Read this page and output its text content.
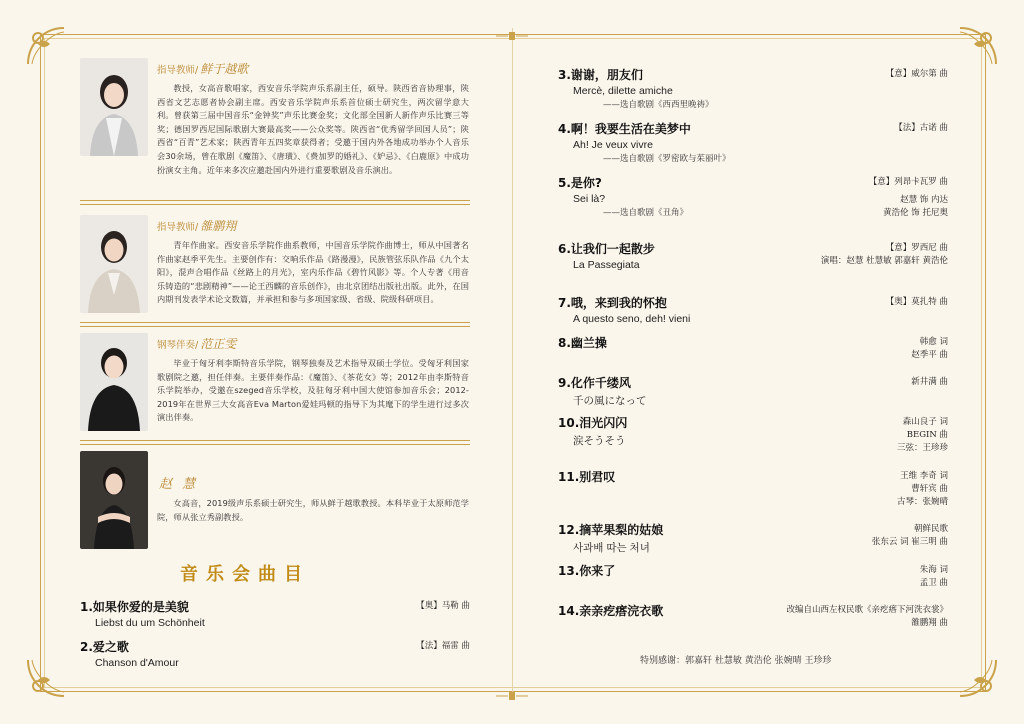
指导教师/ 鲜于越歌
教授，女高音歌唱家，西安音乐学院声乐系副主任，硕导。陕西省音协理事，陕西省文艺志愿者协会副主席。西安音乐学院声乐系首位硕士研究生，两次留学意大利。曾获第三届中国音乐“金钟奖”声乐比赛金奖；文化部全国新人新作声乐比赛三等奖；德国罗西尼国际歌剧大赛最高奖——公众奖等。陕西省“优秀留学回国人员”；陕西省“百青”艺术家；陕西青年五四奖章获得者；受邀于国内外各地成功举办个人音乐会30余场，曾在歌剧《魔笛》、《唐璜》、《费加罗的婚礼》、《妒忌》、《白鹿原》中成功扮演女主角。近年来多次应邀赴国内外进行重要歌剧及音乐演出。
指导教师/ 雒鹏翔
青年作曲家。西安音乐学院作曲系教师，中国音乐学院作曲博士，师从中国著名作曲家赵季平先生。主要创作有：交响乐作品《路漫漫》，民族管弦乐队作品《九个太阳》，混声合唱作品《丝路上的月光》，室内乐作品《碧竹风影》等。个人专著《用音乐铸造的“悲剧精神”——论王西麟的音乐创作》，由北京团结出版社出版。此外，在国内期刊发表学术论文数篇，并承担和参与多项国家级、省级、院级科研项目。
钢琴伴奏/ 范正雯
毕业于匈牙利李斯特音乐学院，钢琴独奏及艺术指导双硕士学位。受匈牙利国家歌剧院之邀，担任伴奏。主要伴奏作品：《魔笛》、《茶花女》等；2012年由李斯特音乐学院举办，受邀在szeged音乐学校，及驻匈牙利中国大使馆参加音乐会；2012-2019年在世界三大女高音Eva Marton爱娃玛顿的指导下为其麾下的学生进行过多次演出伴奏。
赵 慧
女高音，2019级声乐系硕士研究生，师从鲜于越歌教授。本科毕业于太原师范学院，师从张立秀副教授。
音乐会曲目
1.如果你爱的是美貌
Liebst du um Schönheit
【奥】马勒 曲
2.爱之歌
Chanson d'Amour
【法】福雷 曲
3.谢谢，朋友们
Mercè, dilette amiche
——选自歌剧《西西里晚祷》
【意】威尔第 曲
4.啊！我要生活在美梦中
Ah! Je veux vivre
——选自歌剧《罗密欧与茱丽叶》
【法】古诺 曲
5.是你?
Sei là?
——选自歌剧《丑角》
【意】列昂卡瓦罗 曲
赵慧 饰 内达
黄浩伦 饰 托尼奥
6.让我们一起散步
La Passegiata
【意】罗西尼 曲
演唱：赵慧 杜慧敏 郭嘉轩 黄浩伦
7.哦，来到我的怀抱
A questo seno, deh! vieni
【奥】莫扎特 曲
8.幽兰操	韩愈 词
赵季平 曲
9.化作千缕风
千の風になって
新井满 曲
10.泪光闪闪
涙そうそう
森山良子 词
BEGIN 曲
三弦：王珍珍
11.别君叹	王维 李奇 词
曹轩宾 曲
古琴：张婉晴
12.摘苹果梨的姑娘
사과배 따는 처녀
朝鲜民歌
张东云 词 崔三明 曲
13.你来了	朱海 词
孟卫 曲
14.亲亲疙瘩浣衣歌	改编自山西左权民歌《亲疙瘩下河洗衣裳》
雒鹏翔 曲
特别感谢：郭嘉轩 杜慧敏 黄浩伦 张婉晴 王珍珍
